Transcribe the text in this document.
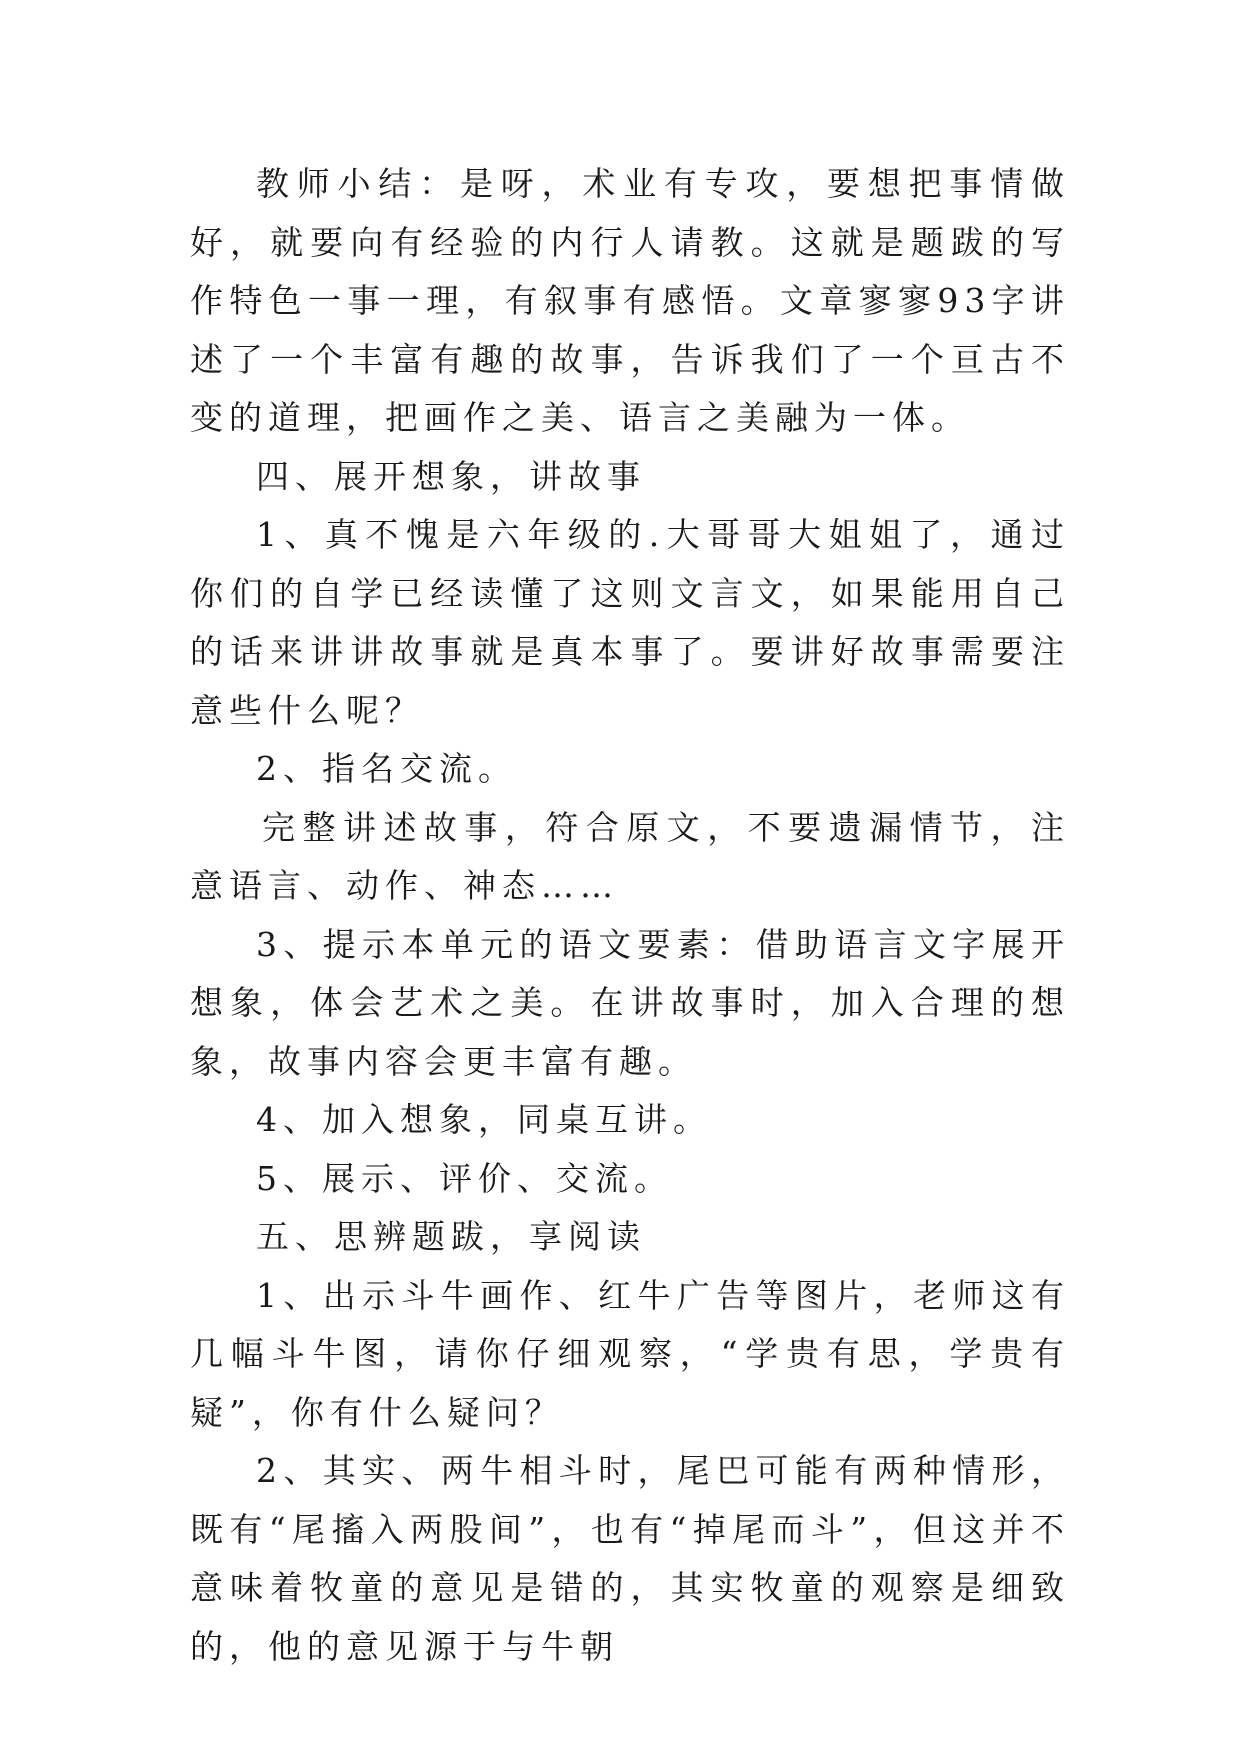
教师小结：是呀，术业有专攻，要想把事情做好，就要向有经验的内行人请教。这就是题跋的写作特色一事一理，有叙事有感悟。文章寥寥93字讲述了一个丰富有趣的故事，告诉我们了一个亘古不变的道理，把画作之美、语言之美融为一体。

四、展开想象，讲故事

1、真不愧是六年级的.大哥哥大姐姐了，通过你们的自学已经读懂了这则文言文，如果能用自己的话来讲讲故事就是真本事了。要讲好故事需要注意些什么呢？

2、指名交流。

完整讲述故事，符合原文，不要遗漏情节，注意语言、动作、神态……

3、提示本单元的语文要素：借助语言文字展开想象，体会艺术之美。在讲故事时，加入合理的想象，故事内容会更丰富有趣。

4、加入想象，同桌互讲。

5、展示、评价、交流。

五、思辨题跋，享阅读

1、出示斗牛画作、红牛广告等图片，老师这有几幅斗牛图，请你仔细观察，“学贵有思，学贵有疑”，你有什么疑问？

2、其实、两牛相斗时，尾巴可能有两种情形，既有“尾搐入两股间”，也有“掉尾而斗”，但这并不意味着牧童的意见是错的，其实牧童的观察是细致的，他的意见源于与牛朝
